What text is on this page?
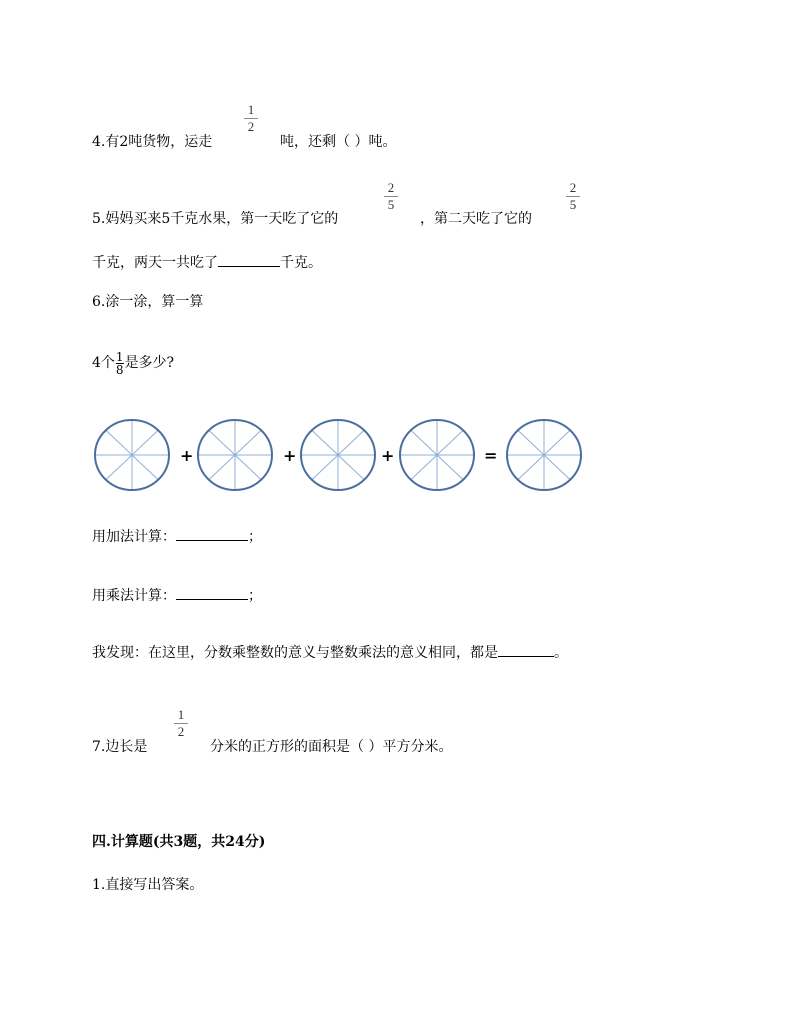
4.有2吨货物，运走
1
2
吨，还剩（ ）吨。
5.妈妈买来5千克水果，第一天吃了它的
2
5
，第二天吃了它的
2
5
千克，两天一共吃了	千克。
6.涂一涂，算一算
4个$\frac{1}{8}$是多少?
+	+	+	=
用加法计算：	；
用乘法计算：	；
我发现：在这里，分数乘整数的意义与整数乘法的意义相同，都是	。
7.边长是
1
2
分米的正方形的面积是（ ）平方分米。
四.计算题(共3题，共24分)
1.直接写出答案。
